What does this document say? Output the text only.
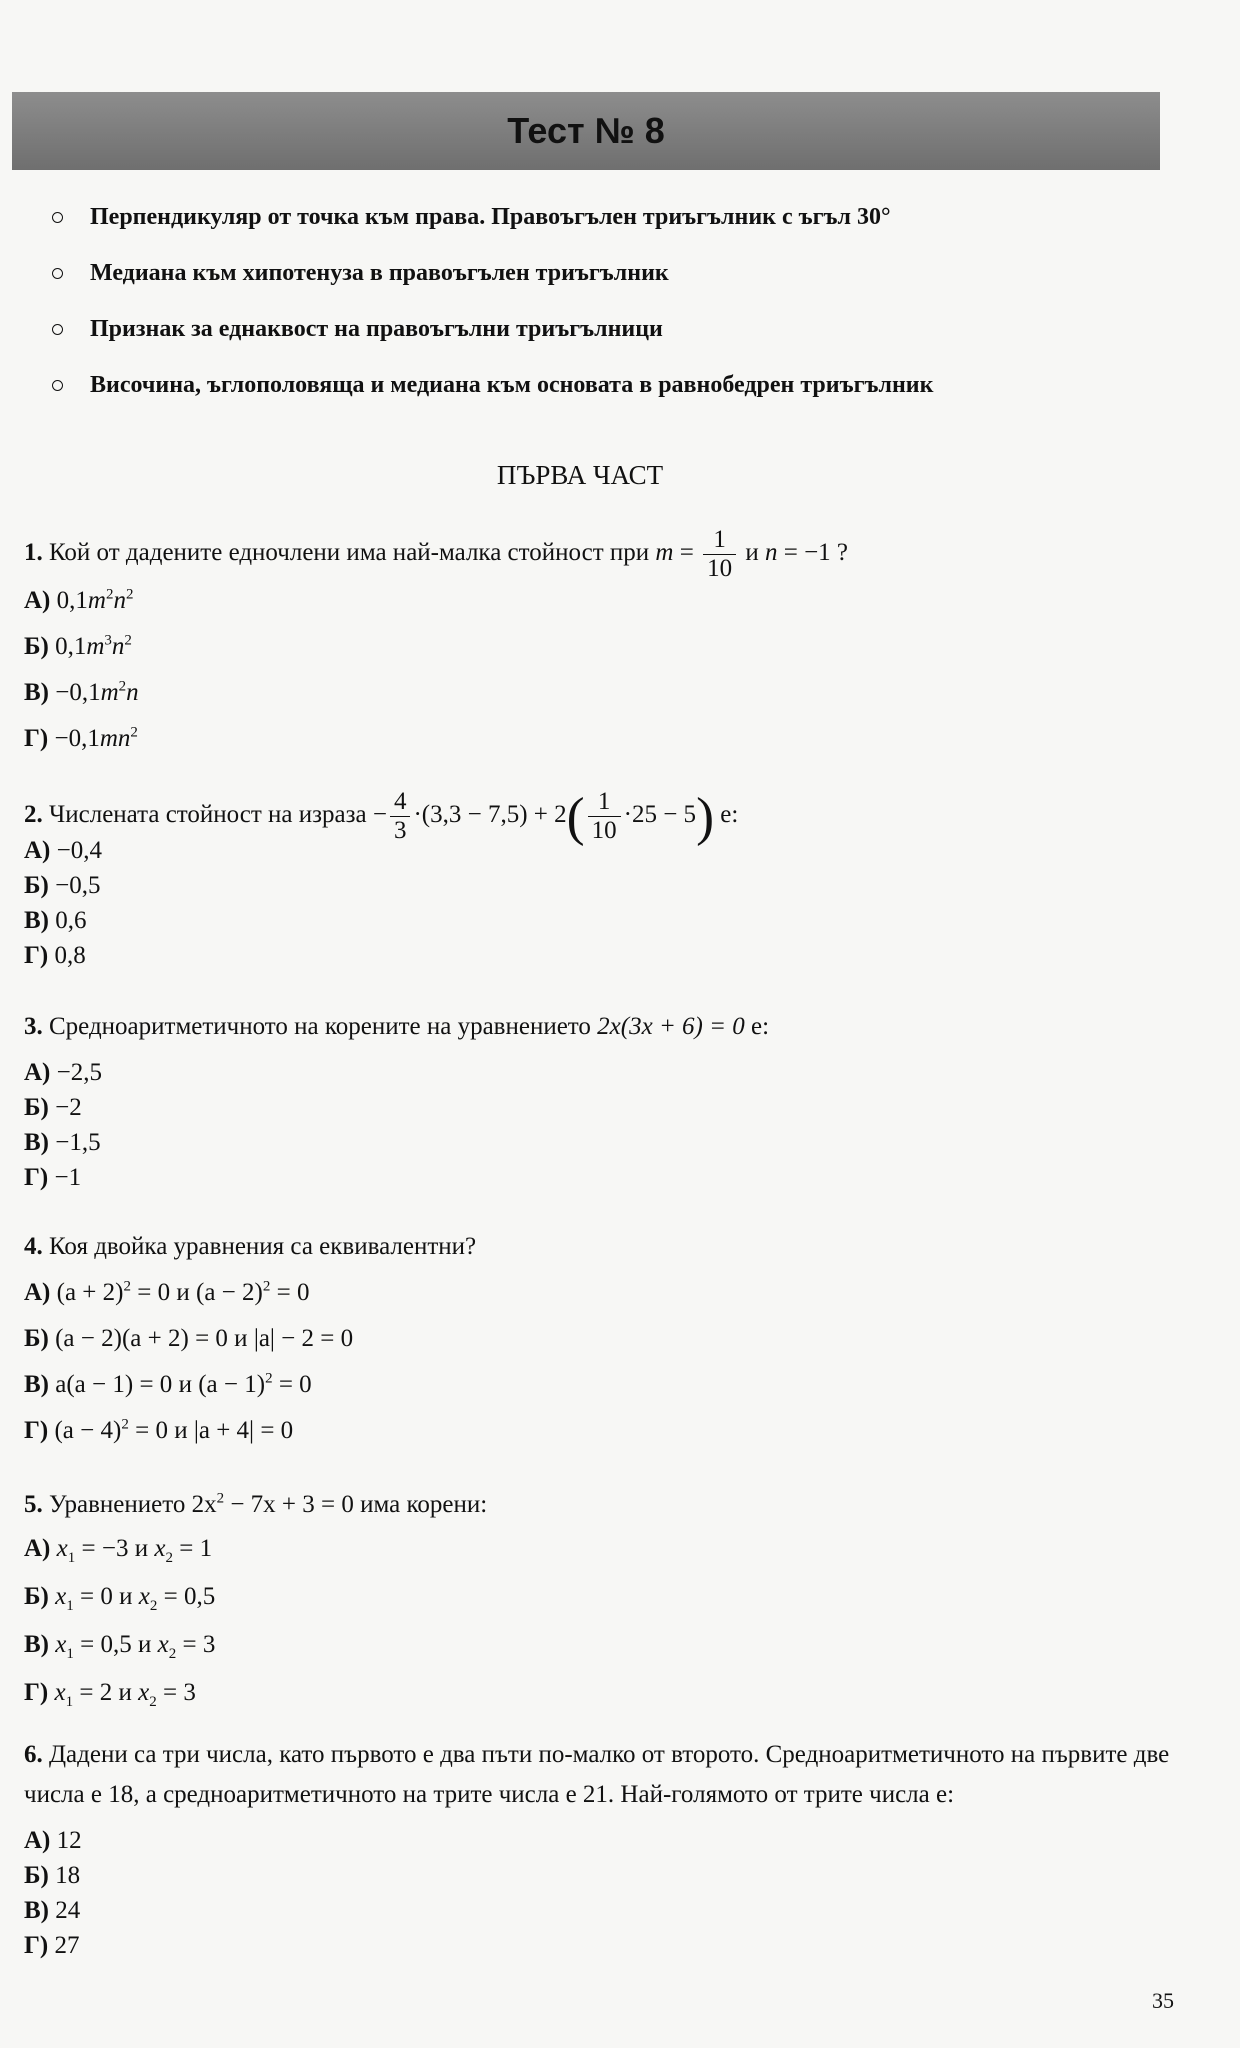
Тест № 8
Перпендикуляр от точка към права. Правоъгълен триъгълник с ъгъл 30°
Медиана към хипотенуза в правоъгълен триъгълник
Признак за еднаквост на правоъгълни триъгълници
Височина, ъглополовяща и медиана към основата в равнобедрен триъгълник
ПЪРВА ЧАСТ
1. Кой от дадените едночлени има най-малка стойност при $m = \frac{1}{10}$ и n = −1 ?
А) $0,1m^2n^2$
Б) $0,1m^3n^2$
$В) -0,1m^2n$
$Г) -0,1mn^2$
2. Числената стойност на израза − $\frac{4}{3} \cdot(3,3 - 7,5) + 2( \frac{1}{10} \cdot 25 - 5)$ е:
А) −0,4
Б) −0,5
В) 0,6
Г) 0,8
3. Средноаритметичното на корените на уравнението 2x(3x + 6) = 0 е:
А) −2,5
Б) −2
В) −1,5
Г) −1
4. Коя двойка уравнения са еквивалентни?
А) $(a + 2)^2 = 0$ и $(a - 2)^2 = 0$
Б) (a − 2)(a + 2) = 0 и |a| − 2 = 0
В) a(a − 1) = 0 и $(a - 1)^2 = 0$
Г) $(a - 4)^2 = 0$ и |a + 4| = 0
5. Уравнението $2x^2 - 7x + 3 = 0$ има корени:
А) $x_1 = -3$ и $x_2 = 1$
Б) $x_1 = 0$ и $x_2 = 0,5$
В) $x_1 = 0,5$ и $x_2 = 3$
Г) $x_1 = 2$ и $x_2 = 3$
6. Дадени са три числа, като първото е два пъти по-малко от второто. Средноаритметичното на първите две числа е 18, а средноаритметичното на трите числа е 21. Най-голямото от трите числа е:
А) 12
Б) 18
В) 24
Г) 27
35
